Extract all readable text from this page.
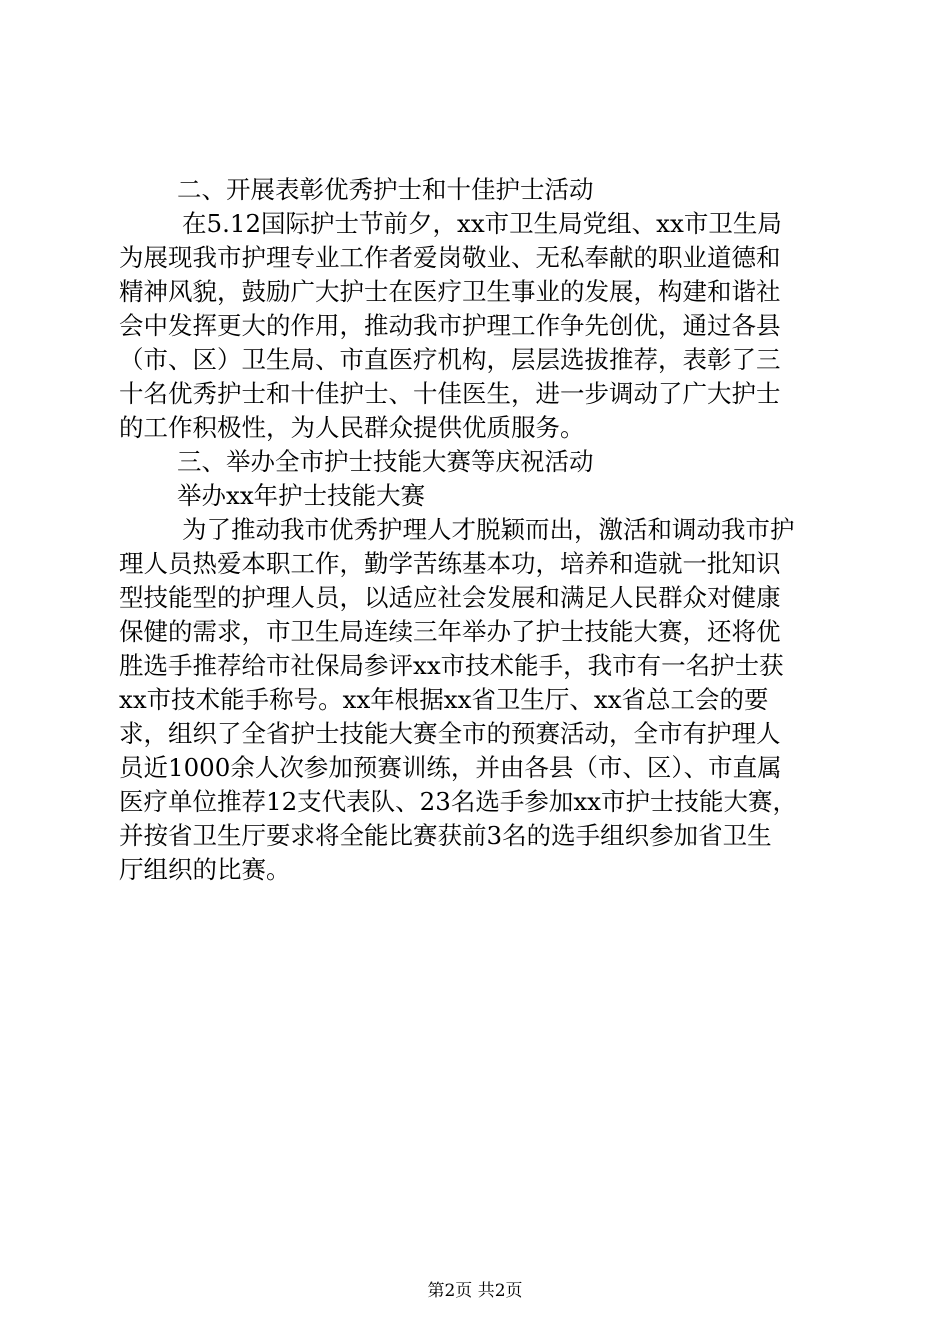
二、开展表彰优秀护士和十佳护士活动
在5.12国际护士节前夕，xx市卫生局党组、xx市卫生局
为展现我市护理专业工作者爱岗敬业、无私奉献的职业道德和
精神风貌，鼓励广大护士在医疗卫生事业的发展，构建和谐社
会中发挥更大的作用，推动我市护理工作争先创优，通过各县
（市、区）卫生局、市直医疗机构，层层选拔推荐，表彰了三
十名优秀护士和十佳护士、十佳医生，进一步调动了广大护士
的工作积极性，为人民群众提供优质服务。
三、举办全市护士技能大赛等庆祝活动
举办xx年护士技能大赛
为了推动我市优秀护理人才脱颖而出，激活和调动我市护
理人员热爱本职工作，勤学苦练基本功，培养和造就一批知识
型技能型的护理人员，以适应社会发展和满足人民群众对健康
保健的需求，市卫生局连续三年举办了护士技能大赛，还将优
胜选手推荐给市社保局参评xx市技术能手，我市有一名护士获
xx市技术能手称号。xx年根据xx省卫生厅、xx省总工会的要
求，组织了全省护士技能大赛全市的预赛活动，全市有护理人
员近1000余人次参加预赛训练，并由各县（市、区）、市直属
医疗单位推荐12支代表队、23名选手参加xx市护士技能大赛，
并按省卫生厅要求将全能比赛获前3名的选手组织参加省卫生
厅组织的比赛。
第2页 共2页
